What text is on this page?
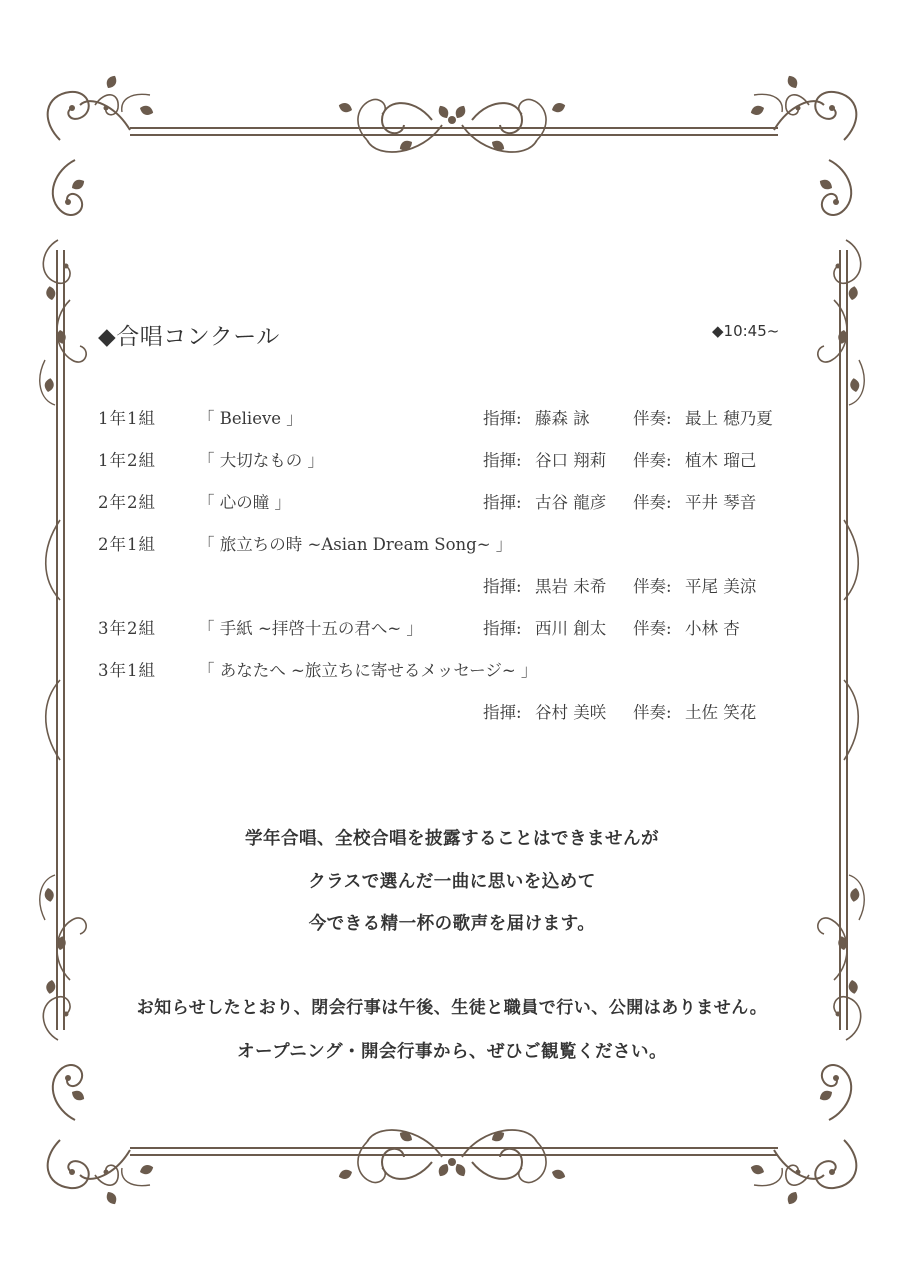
◆合唱コンクール	◆10:45~
1年1組	「 Believe 」	指揮: 藤森 詠	伴奏: 最上 穂乃夏
1年2組	「 大切なもの 」	指揮: 谷口 翔莉 伴奏: 植木 瑠己
2年2組	「 心の瞳 」	指揮: 古谷 龍彦 伴奏: 平井 琴音
2年1組	「 旅立ちの時 ~Asian Dream Song~ 」
指揮: 黒岩 未希 伴奏: 平尾 美涼
3年2組	「 手紙 ~拝啓十五の君へ~ 」	指揮: 西川 創太 伴奏: 小林 杏
3年1組	「 あなたへ ~旅立ちに寄せるメッセージ~ 」
指揮: 谷村 美咲 伴奏: 土佐 笑花
学年合唱、全校合唱を披露することはできませんが
クラスで選んだ一曲に思いを込めて
今できる精一杯の歌声を届けます。
お知らせしたとおり、閉会行事は午後、生徒と職員で行い、公開はありません。
オープニング・開会行事から、ぜひご観覧ください。
